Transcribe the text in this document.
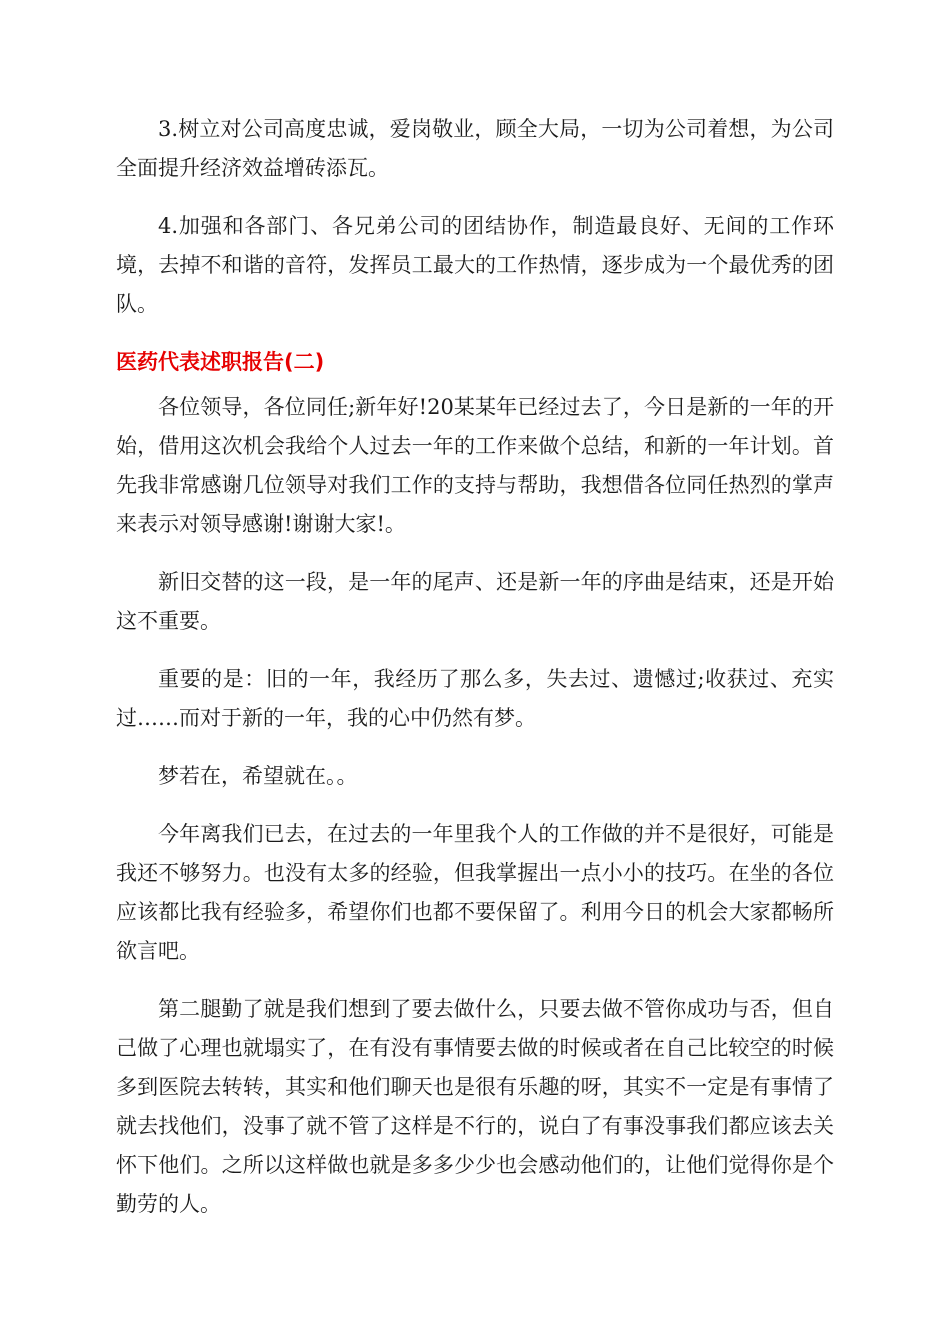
3.树立对公司高度忠诚，爱岗敬业，顾全大局，一切为公司着想，为公司全面提升经济效益增砖添瓦。

4.加强和各部门、各兄弟公司的团结协作，制造最良好、无间的工作环境，去掉不和谐的音符，发挥员工最大的工作热情，逐步成为一个最优秀的团队。

医药代表述职报告(二)

各位领导，各位同任;新年好!20某某年已经过去了，今日是新的一年的开始，借用这次机会我给个人过去一年的工作来做个总结，和新的一年计划。首先我非常感谢几位领导对我们工作的支持与帮助，我想借各位同任热烈的掌声来表示对领导感谢!谢谢大家!。

新旧交替的这一段，是一年的尾声、还是新一年的序曲是结束，还是开始这不重要。

重要的是：旧的一年，我经历了那么多，失去过、遗憾过;收获过、充实过……而对于新的一年，我的心中仍然有梦。

梦若在，希望就在。。

今年离我们已去，在过去的一年里我个人的工作做的并不是很好，可能是我还不够努力。也没有太多的经验，但我掌握出一点小小的技巧。在坐的各位应该都比我有经验多，希望你们也都不要保留了。利用今日的机会大家都畅所欲言吧。

第二腿勤了就是我们想到了要去做什么，只要去做不管你成功与否，但自己做了心理也就塌实了，在有没有事情要去做的时候或者在自己比较空的时候多到医院去转转，其实和他们聊天也是很有乐趣的呀，其实不一定是有事情了就去找他们，没事了就不管了这样是不行的，说白了有事没事我们都应该去关怀下他们。之所以这样做也就是多多少少也会感动他们的，让他们觉得你是个勤劳的人。
